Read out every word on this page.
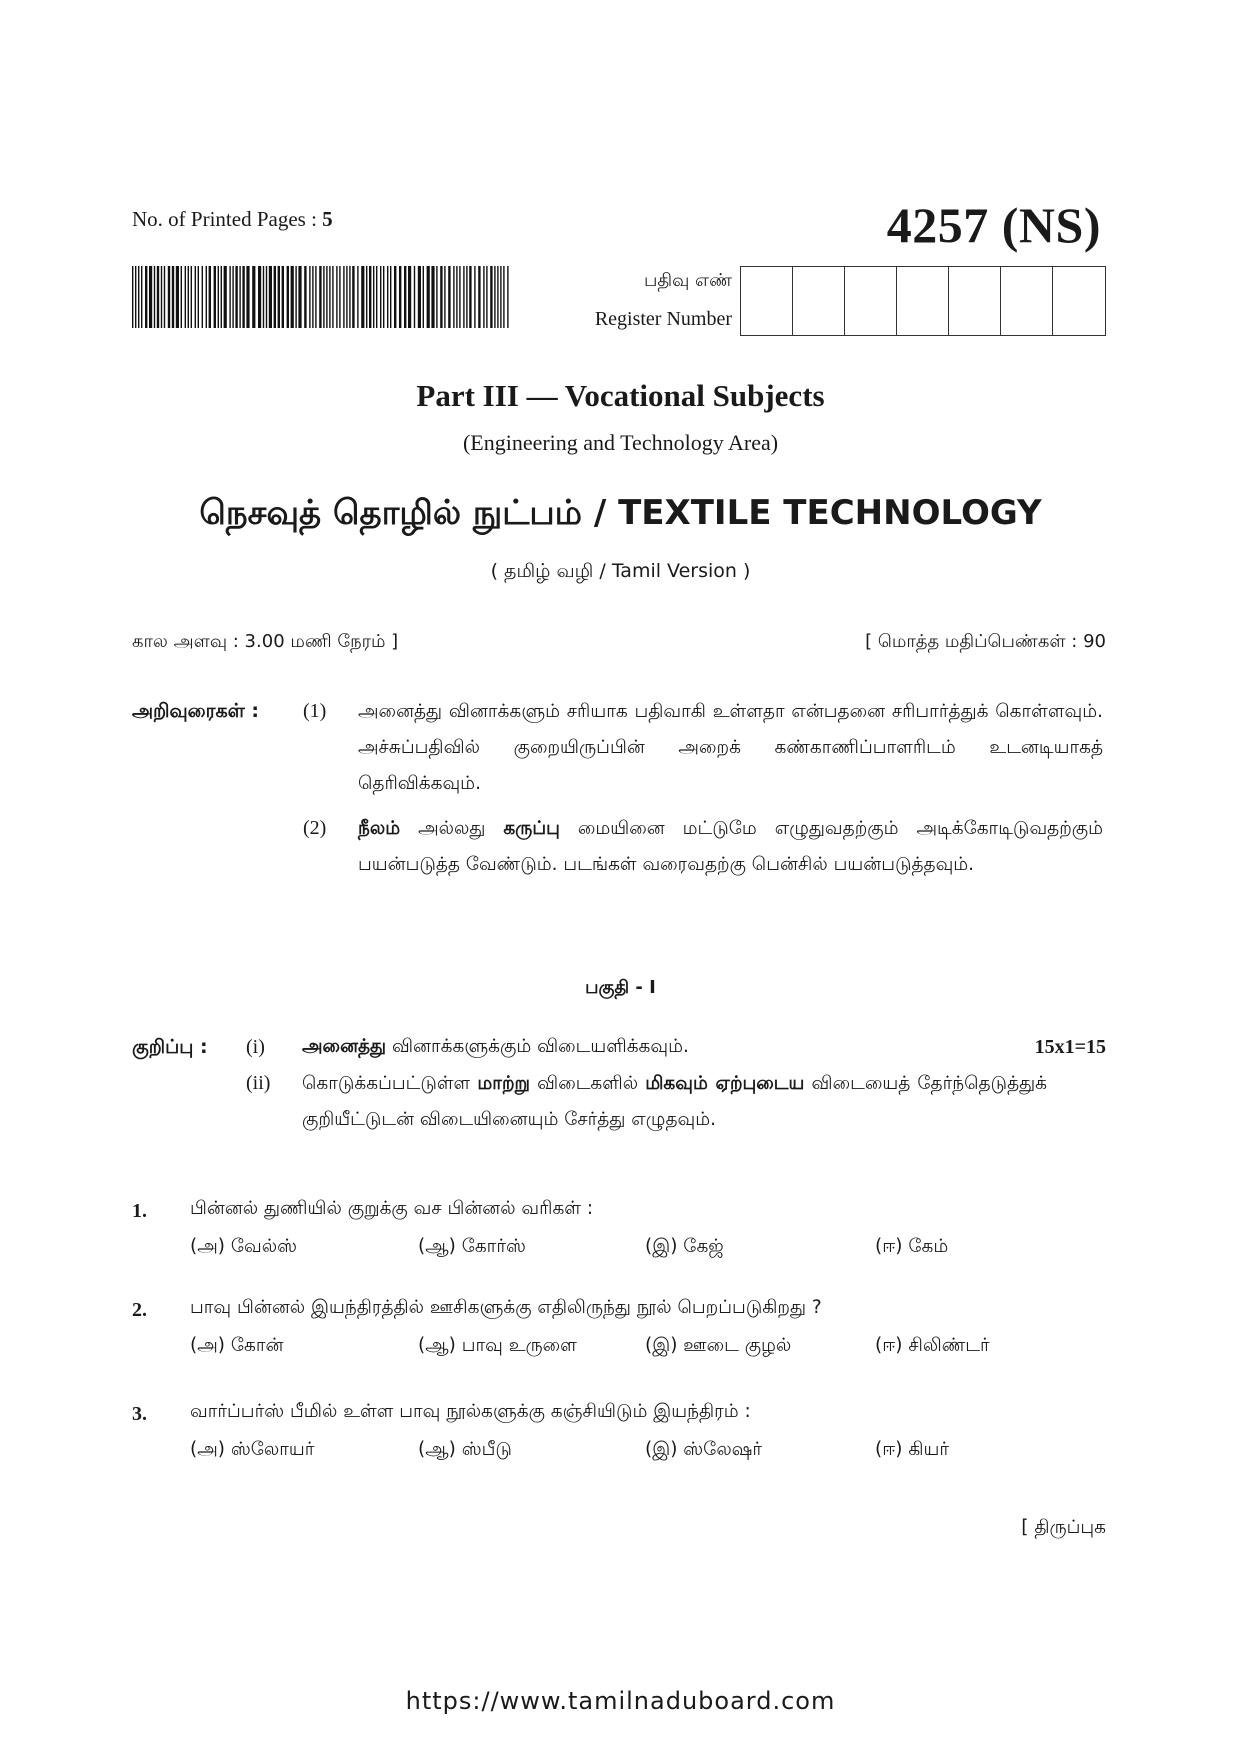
No. of Printed Pages : 5	4257 (NS)
பதிவு எண்
Register Number
Part III — Vocational Subjects
(Engineering and Technology Area)
நெசவுத் தொழில் நுட்பம் / TEXTILE TECHNOLOGY
( தமிழ் வழி / Tamil Version )
கால அளவு : 3.00 மணி நேரம் ]	[ மொத்த மதிப்பெண்கள் : 90
அறிவுரைகள் : (1) அனைத்து வினாக்களும் சரியாக பதிவாகி உள்ளதா என்பதனை சரிபார்த்துக் கொள்ளவும். அச்சுப்பதிவில் குறையிருப்பின் அறைக் கண்காணிப்பாளரிடம் உடனடியாகத் தெரிவிக்கவும்.
(2) நீலம் அல்லது கருப்பு மையினை மட்டுமே எழுதுவதற்கும் அடிக்கோடிடுவதற்கும் பயன்படுத்த வேண்டும். படங்கள் வரைவதற்கு பென்சில் பயன்படுத்தவும்.
பகுதி - I
குறிப்பு : (i) அனைத்து வினாக்களுக்கும் விடையளிக்கவும்.	15x1=15
(ii) கொடுக்கப்பட்டுள்ள மாற்று விடைகளில் மிகவும் ஏற்புடைய விடையைத் தேர்ந்தெடுத்துக் குறியீட்டுடன் விடையினையும் சேர்த்து எழுதவும்.
1. பின்னல் துணியில் குறுக்கு வச பின்னல் வரிகள் :
(அ) வேல்ஸ்	(ஆ) கோர்ஸ்	(இ) கேஜ்	(ஈ) கேம்
2. பாவு பின்னல் இயந்திரத்தில் ஊசிகளுக்கு எதிலிருந்து நூல் பெறப்படுகிறது ?
(அ) கோன்	(ஆ) பாவு உருளை	(இ) ஊடை குழல்	(ஈ) சிலிண்டர்
3. வார்ப்பர்ஸ் பீமில் உள்ள பாவு நூல்களுக்கு கஞ்சியிடும் இயந்திரம் :
(அ) ஸ்லோயர்	(ஆ) ஸ்பீடு	(இ) ஸ்லேஷர்	(ஈ) கியர்
[ திருப்புக
https://www.tamilnaduboard.com
